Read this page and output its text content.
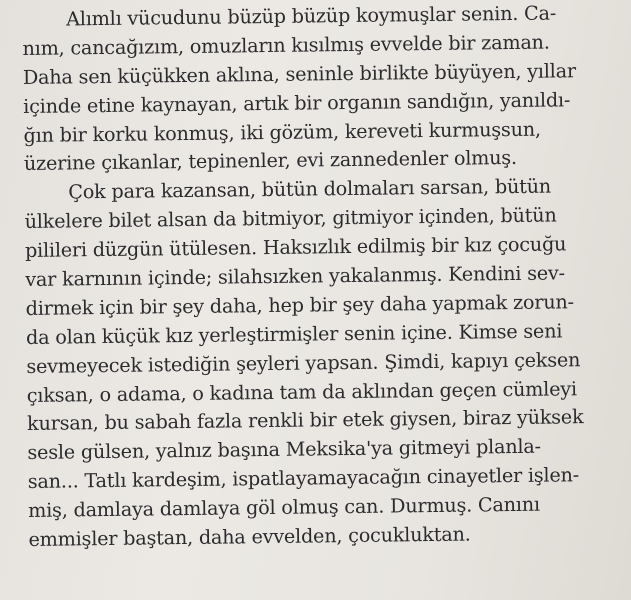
Alımlı vücudunu büzüp büzüp koymuşlar senin. Ca-
nım, cancağızım, omuzların kısılmış evvelde bir zaman.
Daha sen küçükken aklına, seninle birlikte büyüyen, yıllar
içinde etine kaynayan, artık bir organın sandığın, yanıldı-
ğın bir korku konmuş, iki gözüm, kereveti kurmuşsun,
üzerine çıkanlar, tepinenler, evi zannedenler olmuş.
Çok para kazansan, bütün dolmaları sarsan, bütün
ülkelere bilet alsan da bitmiyor, gitmiyor içinden, bütün
pilileri düzgün ütülesen. Haksızlık edilmiş bir kız çocuğu
var karnının içinde; silahsızken yakalanmış. Kendini sev-
dirmek için bir şey daha, hep bir şey daha yapmak zorun-
da olan küçük kız yerleştirmişler senin içine. Kimse seni
sevmeyecek istediğin şeyleri yapsan. Şimdi, kapıyı çeksen
çıksan, o adama, o kadına tam da aklından geçen cümleyi
kursan, bu sabah fazla renkli bir etek giysen, biraz yüksek
sesle gülsen, yalnız başına Meksika'ya gitmeyi planla-
san... Tatlı kardeşim, ispatlayamayacağın cinayetler işlen-
miş, damlaya damlaya göl olmuş can. Durmuş. Canını
emmişler baştan, daha evvelden, çocukluktan.
